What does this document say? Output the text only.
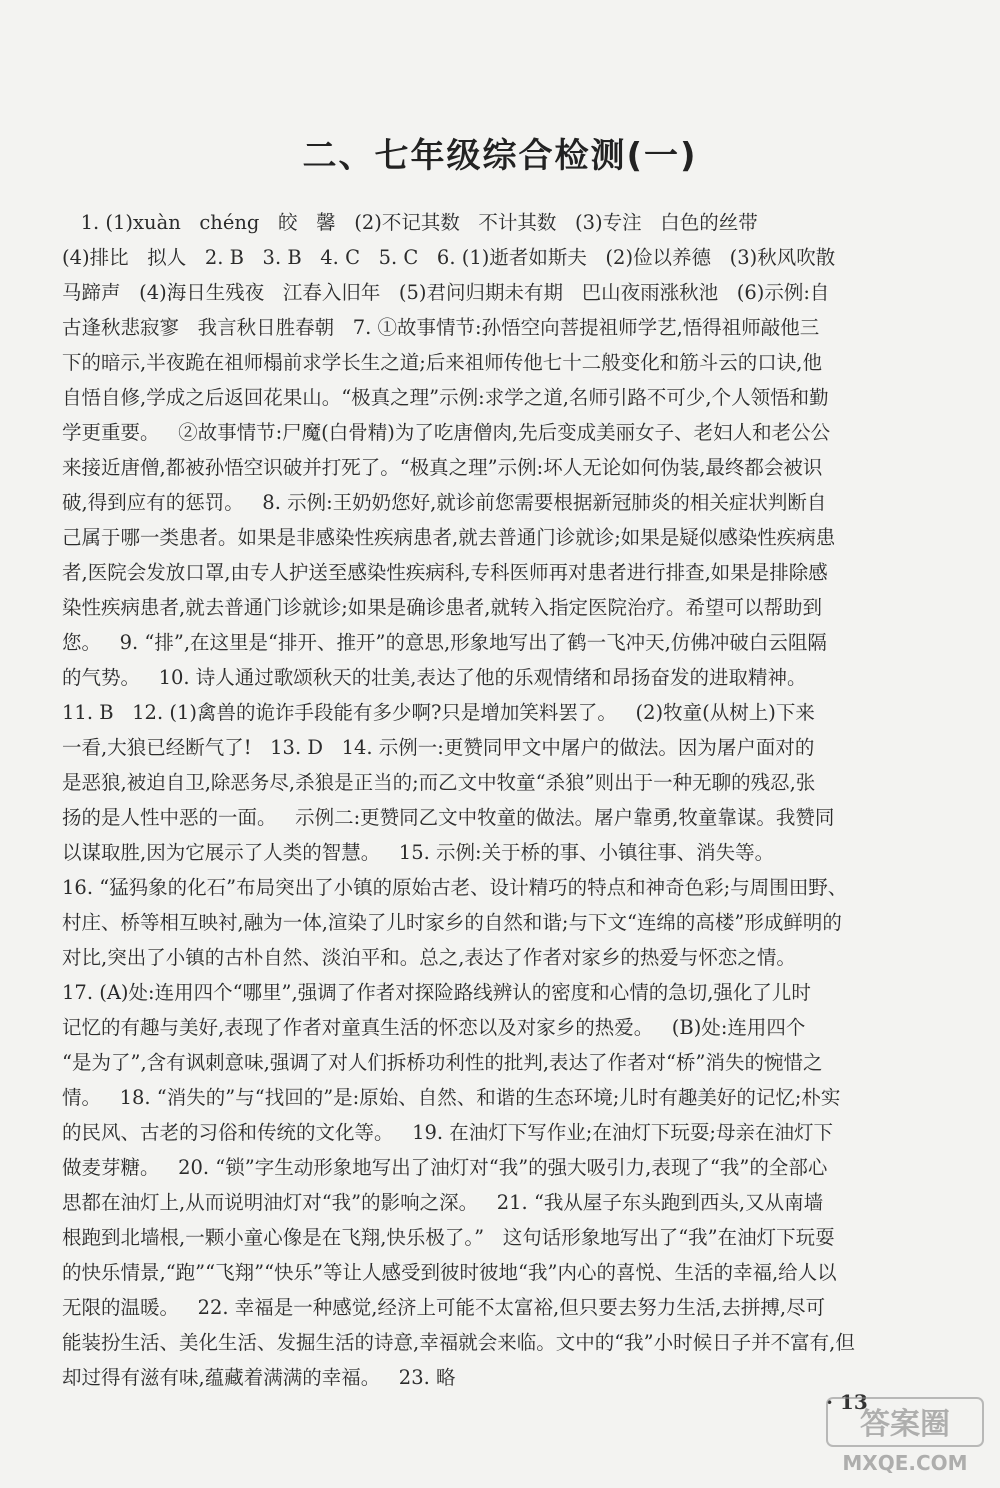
二、七年级综合检测(一)
1. (1)xuàn   chéng   皎   馨   (2)不记其数   不计其数   (3)专注   白色的丝带
(4)排比   拟人   2. B   3. B   4. C   5. C   6. (1)逝者如斯夫   (2)俭以养德   (3)秋风吹散
马蹄声   (4)海日生残夜   江春入旧年   (5)君问归期未有期   巴山夜雨涨秋池   (6)示例:自
古逢秋悲寂寥   我言秋日胜春朝   7. ①故事情节:孙悟空向菩提祖师学艺,悟得祖师敲他三
下的暗示,半夜跪在祖师榻前求学长生之道;后来祖师传他七十二般变化和筋斗云的口诀,他
自悟自修,学成之后返回花果山。“极真之理”示例:求学之道,名师引路不可少,个人领悟和勤
学更重要。   ②故事情节:尸魔(白骨精)为了吃唐僧肉,先后变成美丽女子、老妇人和老公公
来接近唐僧,都被孙悟空识破并打死了。“极真之理”示例:坏人无论如何伪装,最终都会被识
破,得到应有的惩罚。   8. 示例:王奶奶您好,就诊前您需要根据新冠肺炎的相关症状判断自
己属于哪一类患者。如果是非感染性疾病患者,就去普通门诊就诊;如果是疑似感染性疾病患
者,医院会发放口罩,由专人护送至感染性疾病科,专科医师再对患者进行排查,如果是排除感
染性疾病患者,就去普通门诊就诊;如果是确诊患者,就转入指定医院治疗。希望可以帮助到
您。   9. “排”,在这里是“排开、推开”的意思,形象地写出了鹤一飞冲天,仿佛冲破白云阻隔
的气势。   10. 诗人通过歌颂秋天的壮美,表达了他的乐观情绪和昂扬奋发的进取精神。
11. B   12. (1)禽兽的诡诈手段能有多少啊?只是增加笑料罢了。   (2)牧童(从树上)下来
一看,大狼已经断气了!   13. D   14. 示例一:更赞同甲文中屠户的做法。因为屠户面对的
是恶狼,被迫自卫,除恶务尽,杀狼是正当的;而乙文中牧童“杀狼”则出于一种无聊的残忍,张
扬的是人性中恶的一面。   示例二:更赞同乙文中牧童的做法。屠户靠勇,牧童靠谋。我赞同
以谋取胜,因为它展示了人类的智慧。   15. 示例:关于桥的事、小镇往事、消失等。
16. “猛犸象的化石”布局突出了小镇的原始古老、设计精巧的特点和神奇色彩;与周围田野、
村庄、桥等相互映衬,融为一体,渲染了儿时家乡的自然和谐;与下文“连绵的高楼”形成鲜明的
对比,突出了小镇的古朴自然、淡泊平和。总之,表达了作者对家乡的热爱与怀恋之情。
17. (A)处:连用四个“哪里”,强调了作者对探险路线辨认的密度和心情的急切,强化了儿时
记忆的有趣与美好,表现了作者对童真生活的怀恋以及对家乡的热爱。   (B)处:连用四个
“是为了”,含有讽刺意味,强调了对人们拆桥功利性的批判,表达了作者对“桥”消失的惋惜之
情。   18. “消失的”与“找回的”是:原始、自然、和谐的生态环境;儿时有趣美好的记忆;朴实
的民风、古老的习俗和传统的文化等。   19. 在油灯下写作业;在油灯下玩耍;母亲在油灯下
做麦芽糖。   20. “锁”字生动形象地写出了油灯对“我”的强大吸引力,表现了“我”的全部心
思都在油灯上,从而说明油灯对“我”的影响之深。   21. “我从屋子东头跑到西头,又从南墙
根跑到北墙根,一颗小童心像是在飞翔,快乐极了。”   这句话形象地写出了“我”在油灯下玩耍
的快乐情景,“跑”“飞翔”“快乐”等让人感受到彼时彼地“我”内心的喜悦、生活的幸福,给人以
无限的温暖。   22. 幸福是一种感觉,经济上可能不太富裕,但只要去努力生活,去拼搏,尽可
能装扮生活、美化生活、发掘生活的诗意,幸福就会来临。文中的“我”小时候日子并不富有,但
却过得有滋有味,蕴藏着满满的幸福。   23. 略
· 13
答案圈
MXQE.COM
